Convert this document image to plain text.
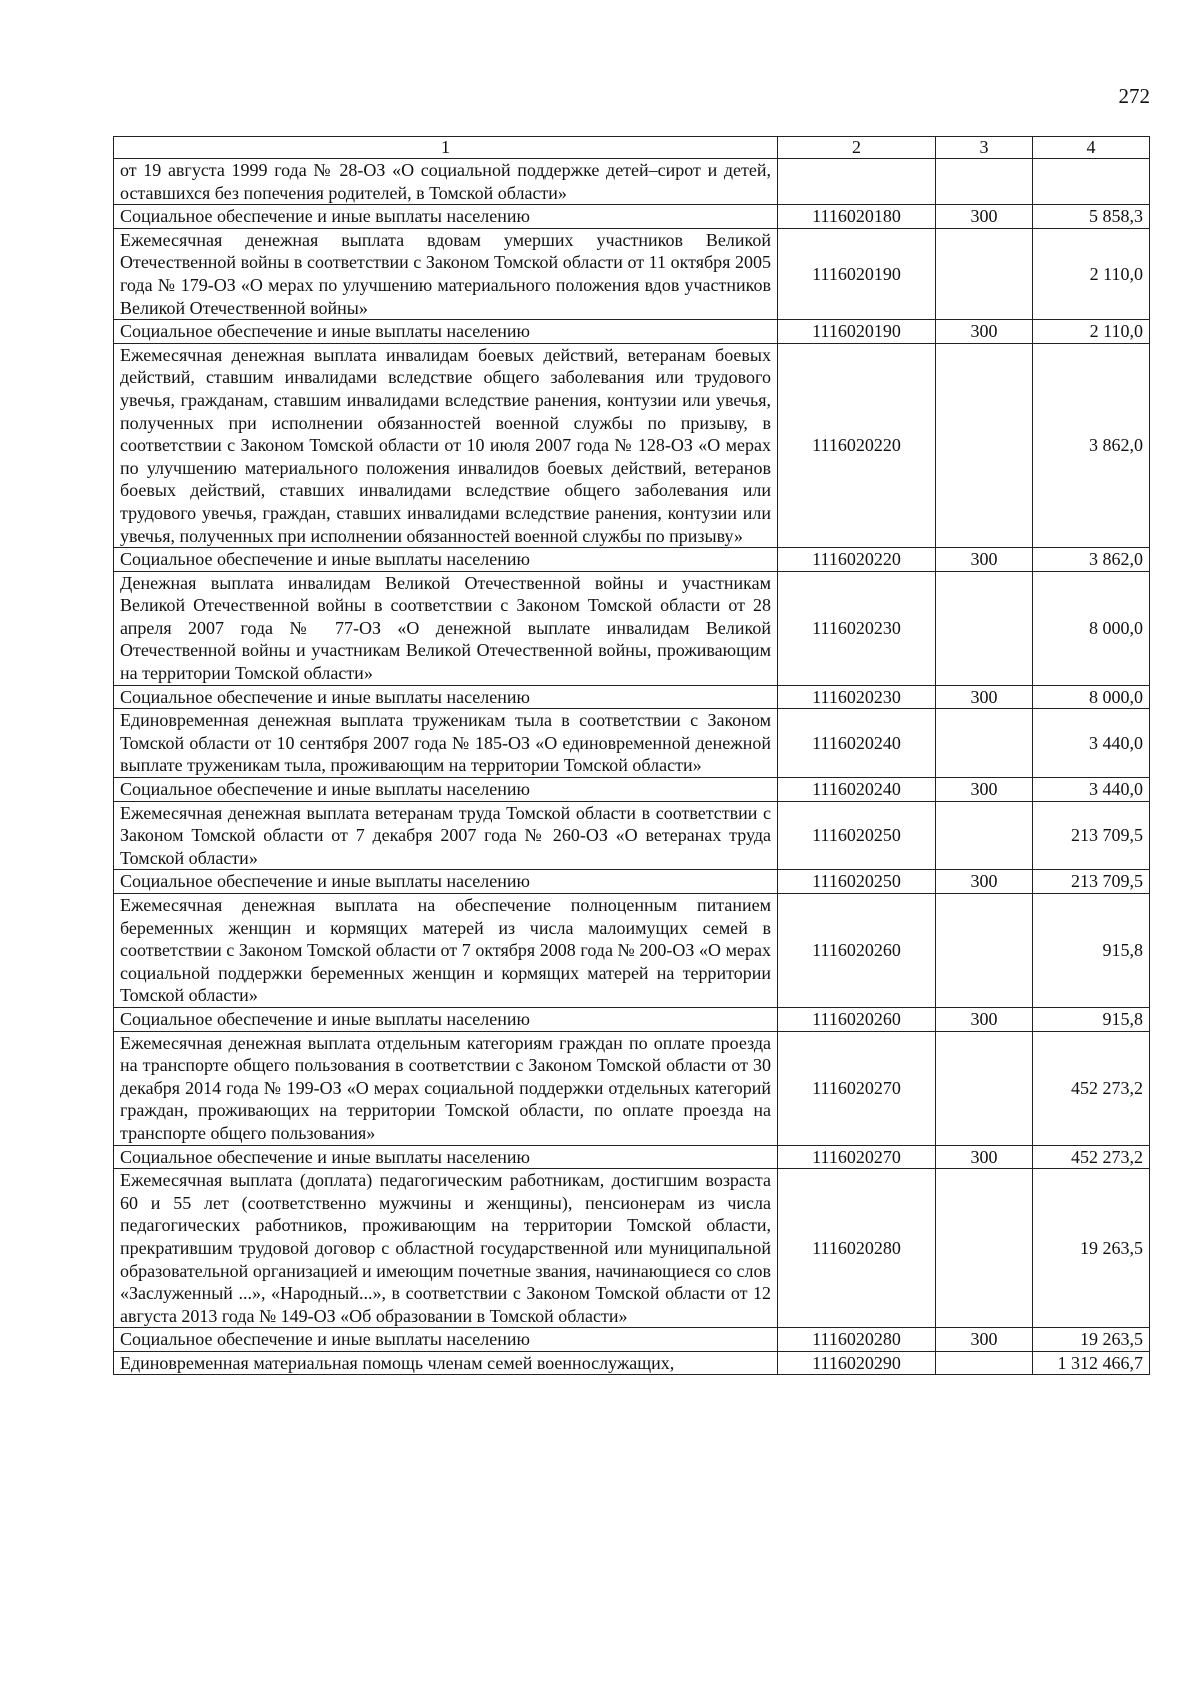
272
1	2	3	4
от 19 августа 1999 года № 28-ОЗ «О социальной поддержке детей–сирот и детей, оставшихся без попечения родителей, в Томской области»			
Социальное обеспечение и иные выплаты населению	1116020180	300	5 858,3
Ежемесячная денежная выплата вдовам умерших участников Великой Отечественной войны в соответствии с Законом Томской области от 11 октября 2005 года № 179-ОЗ «О мерах по улучшению материального положения вдов участников Великой Отечественной войны»	1116020190		2 110,0
Социальное обеспечение и иные выплаты населению	1116020190	300	2 110,0
Ежемесячная денежная выплата инвалидам боевых действий, ветеранам боевых действий, ставшим инвалидами вследствие общего заболевания или трудового увечья, гражданам, ставшим инвалидами вследствие ранения, контузии или увечья, полученных при исполнении обязанностей военной службы по призыву, в соответствии с Законом Томской области от 10 июля 2007 года № 128-ОЗ «О мерах по улучшению материального положения инвалидов боевых действий, ветеранов боевых действий, ставших инвалидами вследствие общего заболевания или трудового увечья, граждан, ставших инвалидами вследствие ранения, контузии или увечья, полученных при исполнении обязанностей военной службы по призыву»	1116020220		3 862,0
Социальное обеспечение и иные выплаты населению	1116020220	300	3 862,0
Денежная выплата инвалидам Великой Отечественной войны и участникам Великой Отечественной войны в соответствии с Законом Томской области от 28 апреля 2007 года № 77-ОЗ «О денежной выплате инвалидам Великой Отечественной войны и участникам Великой Отечественной войны, проживающим на территории Томской области»	1116020230		8 000,0
Социальное обеспечение и иные выплаты населению	1116020230	300	8 000,0
Единовременная денежная выплата труженикам тыла в соответствии с Законом Томской области от 10 сентября 2007 года № 185-ОЗ «О единовременной денежной выплате труженикам тыла, проживающим на территории Томской области»	1116020240		3 440,0
Социальное обеспечение и иные выплаты населению	1116020240	300	3 440,0
Ежемесячная денежная выплата ветеранам труда Томской области в соответствии с Законом Томской области от 7 декабря 2007 года № 260-ОЗ «О ветеранах труда Томской области»	1116020250		213 709,5
Социальное обеспечение и иные выплаты населению	1116020250	300	213 709,5
Ежемесячная денежная выплата на обеспечение полноценным питанием беременных женщин и кормящих матерей из числа малоимущих семей в соответствии с Законом Томской области от 7 октября 2008 года № 200-ОЗ «О мерах социальной поддержки беременных женщин и кормящих матерей на территории Томской области»	1116020260		915,8
Социальное обеспечение и иные выплаты населению	1116020260	300	915,8
Ежемесячная денежная выплата отдельным категориям граждан по оплате проезда на транспорте общего пользования в соответствии с Законом Томской области от 30 декабря 2014 года № 199-ОЗ «О мерах социальной поддержки отдельных категорий граждан, проживающих на территории Томской области, по оплате проезда на транспорте общего пользования»	1116020270		452 273,2
Социальное обеспечение и иные выплаты населению	1116020270	300	452 273,2
Ежемесячная выплата (доплата) педагогическим работникам, достигшим возраста 60 и 55 лет (соответственно мужчины и женщины), пенсионерам из числа педагогических работников, проживающим на территории Томской области, прекратившим трудовой договор с областной государственной или муниципальной образовательной организацией и имеющим почетные звания, начинающиеся со слов «Заслуженный ...», «Народный...», в соответствии с Законом Томской области от 12 августа 2013 года № 149-ОЗ «Об образовании в Томской области»	1116020280		19 263,5
Социальное обеспечение и иные выплаты населению	1116020280	300	19 263,5
Единовременная материальная помощь членам семей военнослужащих,	1116020290		1 312 466,7
